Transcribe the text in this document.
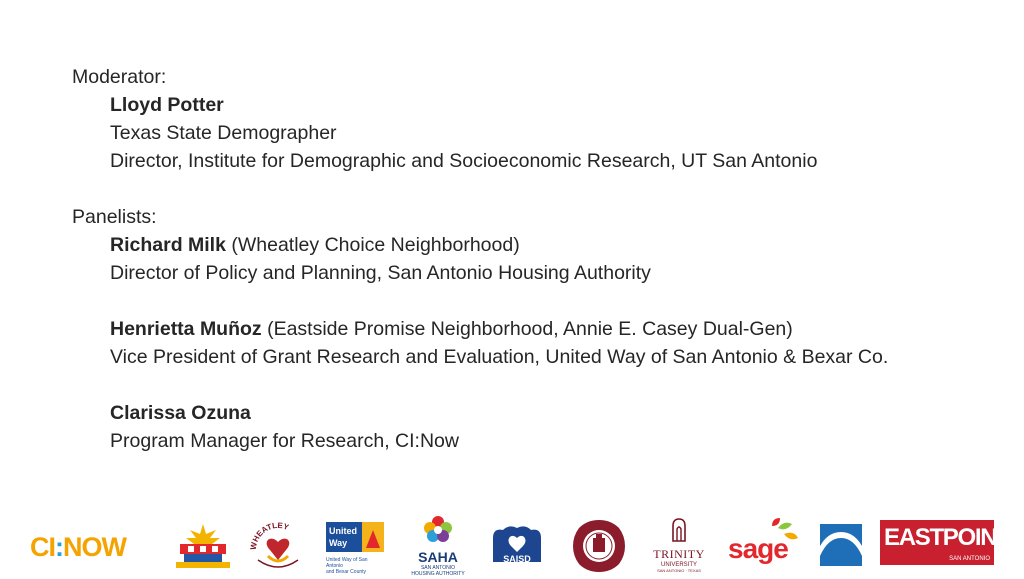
Moderator:
Lloyd Potter
Texas State Demographer
Director, Institute for Demographic and Socioeconomic Research, UT San Antonio
Panelists:
Richard Milk (Wheatley Choice Neighborhood)
Director of Policy and Planning, San Antonio Housing Authority
Henrietta Muñoz (Eastside Promise Neighborhood, Annie E. Casey Dual-Gen)
Vice President of Grant Research and Evaluation, United Way of San Antonio & Bexar Co.
Clarissa Ozuna
Program Manager for Research, CI:Now
CI:NOW	WHEATLEY	United
Way
United Way of San Antonio
and Bexar County
SAHA
SAN ANTONIO
HOUSING AUTHORITY
SAISD	TRINITY
UNIVERSITY
SAN ANTONIO · TEXAS
sage	EASTPOINT
SAN ANTONIO
